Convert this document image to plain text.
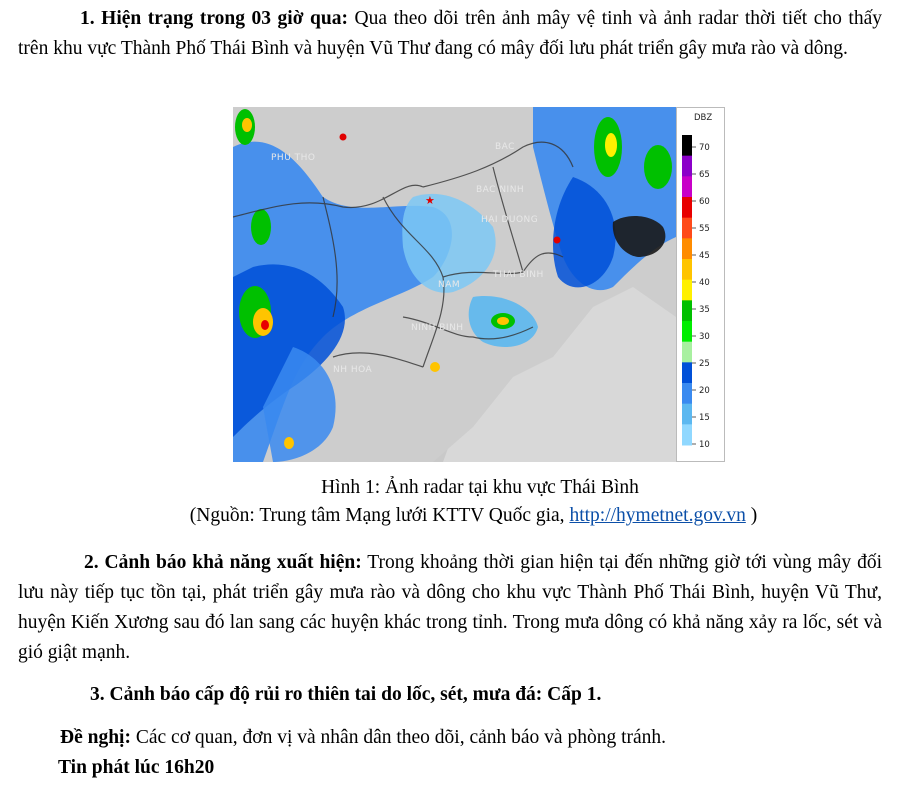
1. Hiện trạng trong 03 giờ qua: Qua theo dõi trên ảnh mây vệ tinh và ảnh radar thời tiết cho thấy trên khu vực Thành Phố Thái Bình và huyện Vũ Thư đang có mây đối lưu phát triển gây mưa rào và dông.

★
PHU THO
BAC
BAC NINH
HAI DUONG
THAI BINH
NAM
NINH BINH
NH HOA
DBZ
70
65
60
55
45
40
35
30
25
20
15
10

Hình 1: Ảnh radar tại khu vực Thái Bình

(Nguồn: Trung tâm Mạng lưới KTTV Quốc gia, http://hymetnet.gov.vn )

2. Cảnh báo khả năng xuất hiện: Trong khoảng thời gian hiện tại đến những giờ tới vùng mây đối lưu này tiếp tục tồn tại, phát triển gây mưa rào và dông cho khu vực Thành Phố Thái Bình, huyện Vũ Thư, huyện Kiến Xương sau đó lan sang các huyện khác trong tỉnh. Trong mưa dông có khả năng xảy ra lốc, sét và gió giật mạnh.

3. Cảnh báo cấp độ rủi ro thiên tai do lốc, sét, mưa đá: Cấp 1.

Đề nghị: Các cơ quan, đơn vị và nhân dân theo dõi, cảnh báo và phòng tránh.

Tin phát lúc 16h20
